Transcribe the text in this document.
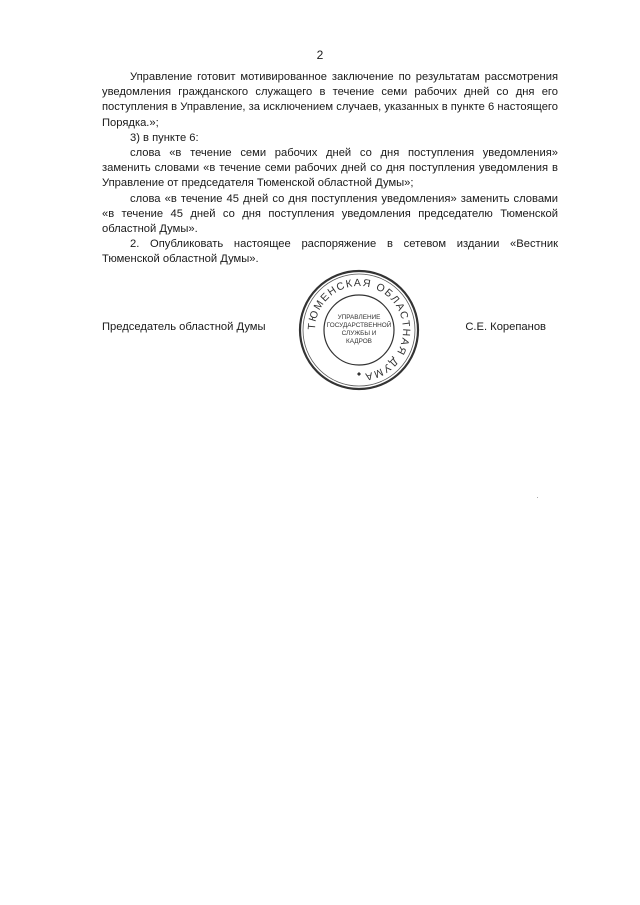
2

Управление готовит мотивированное заключение по результатам рассмотрения уведомления гражданского служащего в течение семи рабочих дней со дня его поступления в Управление, за исключением случаев, указанных в пункте 6 настоящего Порядка.»;

3) в пункте 6:

слова «в течение семи рабочих дней со дня поступления уведомления» заменить словами «в течение семи рабочих дней со дня поступления уведомления в Управление от председателя Тюменской областной Думы»;

слова «в течение 45 дней со дня поступления уведомления» заменить словами «в течение 45 дней со дня поступления уведомления председателю Тюменской областной Думы».

2. Опубликовать настоящее распоряжение в сетевом издании «Вестник Тюменской областной Думы».

Председатель областной Думы	С.Е. Корепанов
ТЮМЕНСКАЯ ОБЛАСТНАЯ ДУМА
УПРАВЛЕНИЕ
ГОСУДАРСТВЕННОЙ
СЛУЖБЫ И
КАДРОВ
